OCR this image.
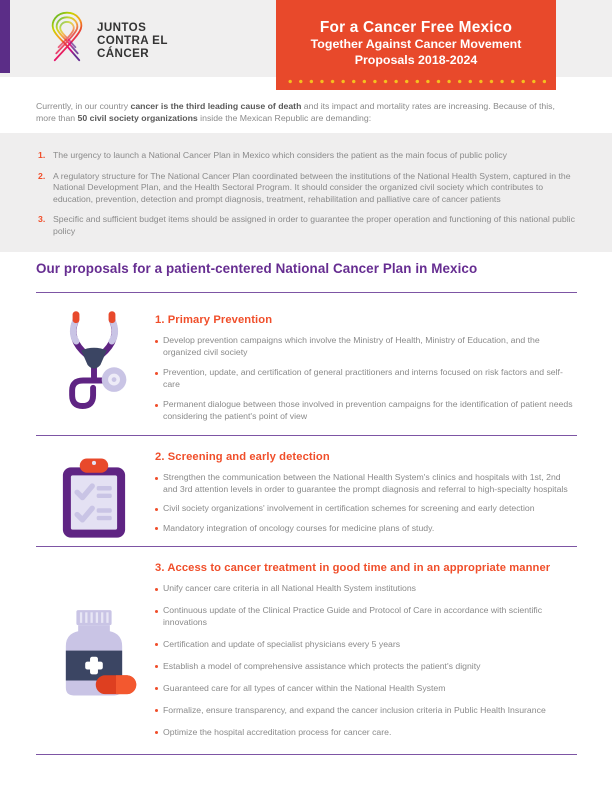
JUNTOS
CONTRA EL
CÁNCER
For a Cancer Free Mexico
Together Against Cancer Movement
Proposals 2018-2024

Currently, in our country cancer is the third leading cause of death and its impact and mortality rates are increasing. Because of this, more than 50 civil society organizations inside the Mexican Republic are demanding:

1. The urgency to launch a National Cancer Plan in Mexico which considers the patient as the main focus of public policy
2. A regulatory structure for The National Cancer Plan coordinated between the institutions of the National Health System, captured in the National Development Plan, and the Health Sectoral Program. It should consider the organized civil society which contributes to education, prevention, detection and prompt diagnosis, treatment, rehabilitation and palliative care of cancer patients
3. Specific and sufficient budget items should be assigned in order to guarantee the proper operation and functioning of this national public policy
Our proposals for a patient-centered National Cancer Plan in Mexico
1. Primary Prevention
Develop prevention campaigns which involve the Ministry of Health, Ministry of Education, and the organized civil society
Prevention, update, and certification of general practitioners and interns focused on risk factors and self-care
Permanent dialogue between those involved in prevention campaigns for the identification of patient needs considering the patient's point of view
2. Screening and early detection
Strengthen the communication between the National Health System's clinics and hospitals with 1st, 2nd and 3rd attention levels in order to guarantee the prompt diagnosis and referral to high-specialty hospitals
Civil society organizations' involvement in certification schemes for screening and early detection
Mandatory integration of oncology courses for medicine plans of study.
3. Access to cancer treatment in good time and in an appropriate manner
Unify cancer care criteria in all National Health System institutions
Continuous update of the Clinical Practice Guide and Protocol of Care in accordance with scientific innovations
Certification and update of specialist physicians every 5 years
Establish a model of comprehensive assistance which protects the patient's dignity
Guaranteed care for all types of cancer within the National Health System
Formalize, ensure transparency, and expand the cancer inclusion criteria in Public Health Insurance
Optimize the hospital accreditation process for cancer care.
